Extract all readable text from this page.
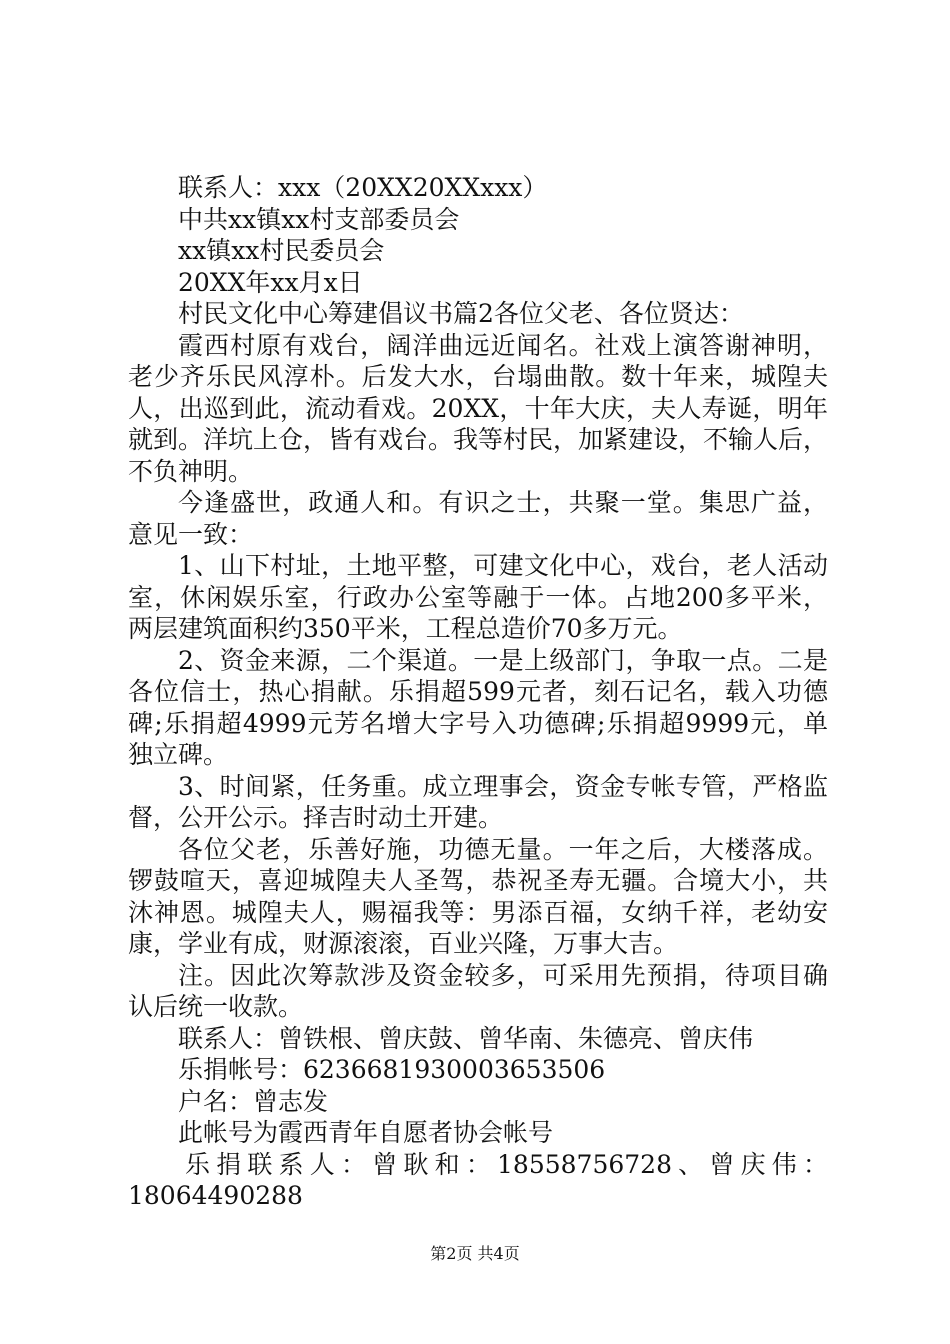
联系人：xxx（20XX20XXxxx）
中共xx镇xx村支部委员会
xx镇xx村民委员会
20XX年xx月x日
村民文化中心筹建倡议书篇2各位父老、各位贤达：
霞西村原有戏台，阔洋曲远近闻名。社戏上演答谢神明，
老少齐乐民风淳朴。后发大水，台塌曲散。数十年来，城隍夫
人，出巡到此，流动看戏。20XX，十年大庆，夫人寿诞，明年
就到。洋坑上仓，皆有戏台。我等村民，加紧建设，不输人后，
不负神明。
今逢盛世，政通人和。有识之士，共聚一堂。集思广益，
意见一致：
1、山下村址，土地平整，可建文化中心，戏台，老人活动
室，休闲娱乐室，行政办公室等融于一体。占地200多平米，
两层建筑面积约350平米，工程总造价70多万元。
2、资金来源，二个渠道。一是上级部门，争取一点。二是
各位信士，热心捐献。乐捐超599元者，刻石记名，载入功德
碑;乐捐超4999元芳名增大字号入功德碑;乐捐超9999元，单
独立碑。
3、时间紧，任务重。成立理事会，资金专帐专管，严格监
督，公开公示。择吉时动土开建。
各位父老，乐善好施，功德无量。一年之后，大楼落成。
锣鼓喧天，喜迎城隍夫人圣驾，恭祝圣寿无疆。合境大小，共
沐神恩。城隍夫人，赐福我等：男添百福，女纳千祥，老幼安
康，学业有成，财源滚滚，百业兴隆，万事大吉。
注。因此次筹款涉及资金较多，可采用先预捐，待项目确
认后统一收款。
联系人：曾铁根、曾庆鼓、曾华南、朱德亮、曾庆伟
乐捐帐号：6236681930003653506
户名：曾志发
此帐号为霞西青年自愿者协会帐号
乐捐联系人：曾耿和：18558756728、曾庆伟：
18064490288
第2页 共4页
